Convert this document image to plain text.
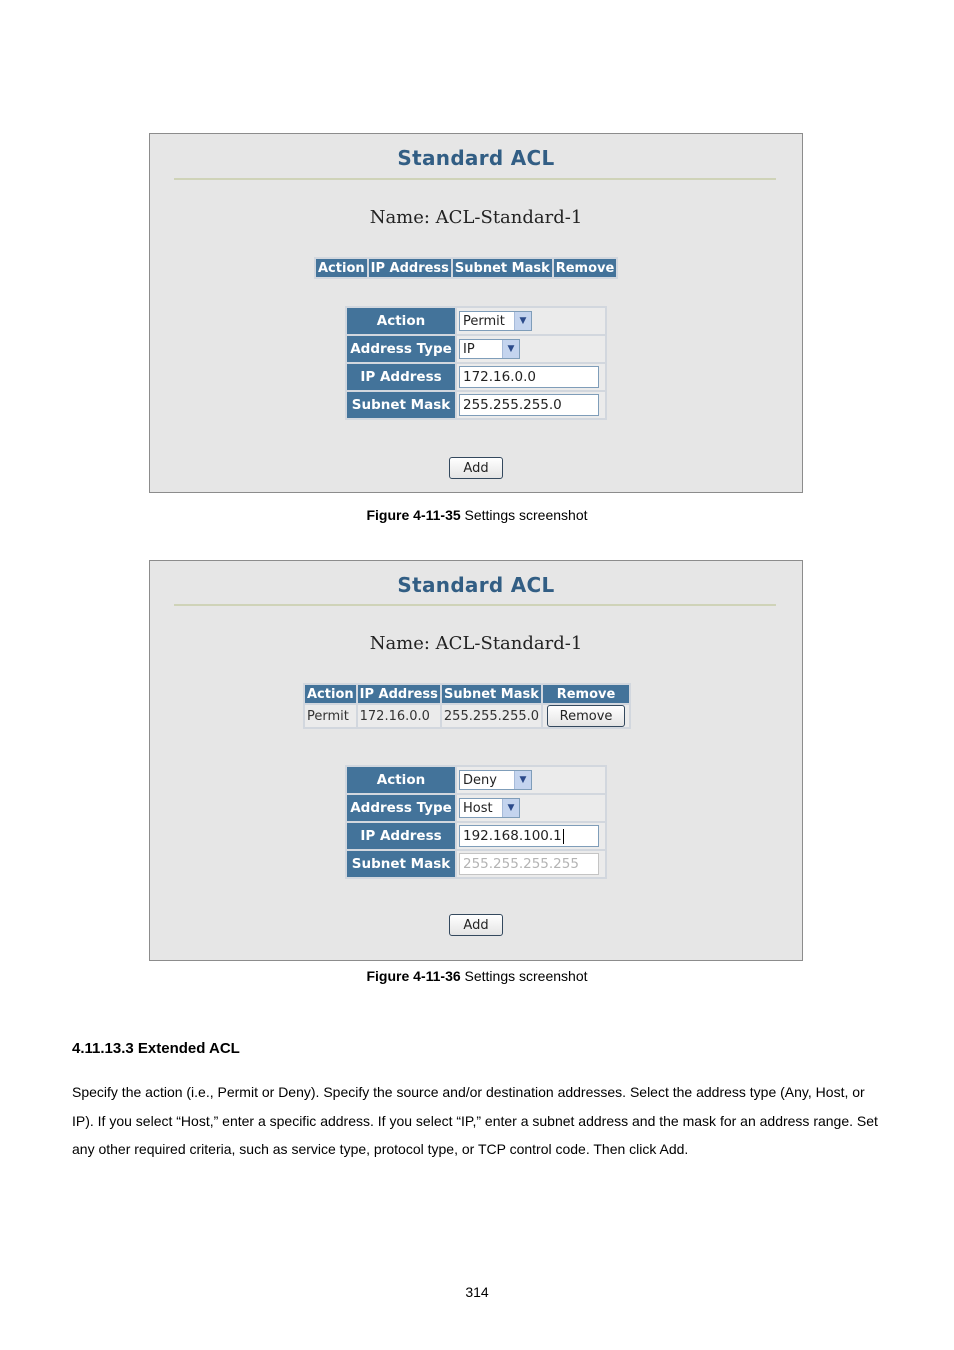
Standard ACL
Name: ACL-Standard-1
Action	IP Address	Subnet Mask	Remove
Action	Permit ▼

Address Type	IP ▼

IP Address	172.16.0.0
Subnet Mask	255.255.255.0
Add
Figure 4-11-35 Settings screenshot
Standard ACL
Name: ACL-Standard-1
Action	IP Address	Subnet Mask	Remove
Permit	172.16.0.0	255.255.255.0	Remove
Action	Deny ▼

Address Type	Host ▼

IP Address	192.168.100.1

Subnet Mask	255.255.255.255
Add
Figure 4-11-36 Settings screenshot
4.11.13.3 Extended ACL
Specify the action (i.e., Permit or Deny). Specify the source and/or destination addresses. Select the address type (Any, Host, or IP). If you select “Host,” enter a specific address. If you select “IP,” enter a subnet address and the mask for an address range. Set any other required criteria, such as service type, protocol type, or TCP control code. Then click Add.
314
